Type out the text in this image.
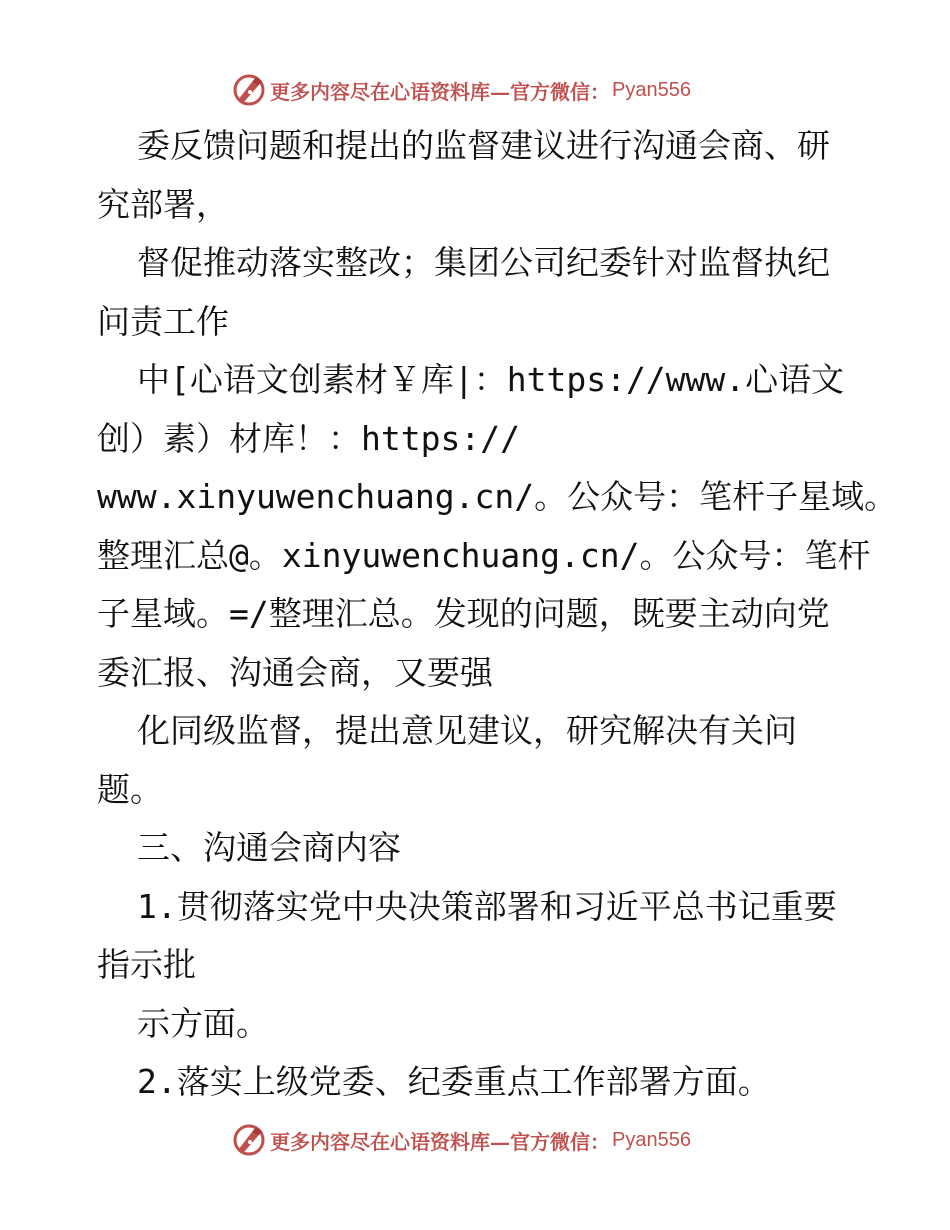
更多内容尽在心语资料库—官方微信： Pyan556
委反馈问题和提出的监督建议进行沟通会商、研
究部署，
督促推动落实整改；集团公司纪委针对监督执纪
问责工作
中[心语文创素材￥库|：https://www.心语文
创）素）材库！：https://
www.xinyuwenchuang.cn/。公众号：笔杆子星域。
整理汇总@。xinyuwenchuang.cn/。公众号：笔杆
子星域。=/整理汇总。发现的问题，既要主动向党
委汇报、沟通会商，又要强
化同级监督，提出意见建议，研究解决有关问
题。
三、沟通会商内容
1.贯彻落实党中央决策部署和习近平总书记重要
指示批
示方面。
2.落实上级党委、纪委重点工作部署方面。
更多内容尽在心语资料库—官方微信： Pyan556
